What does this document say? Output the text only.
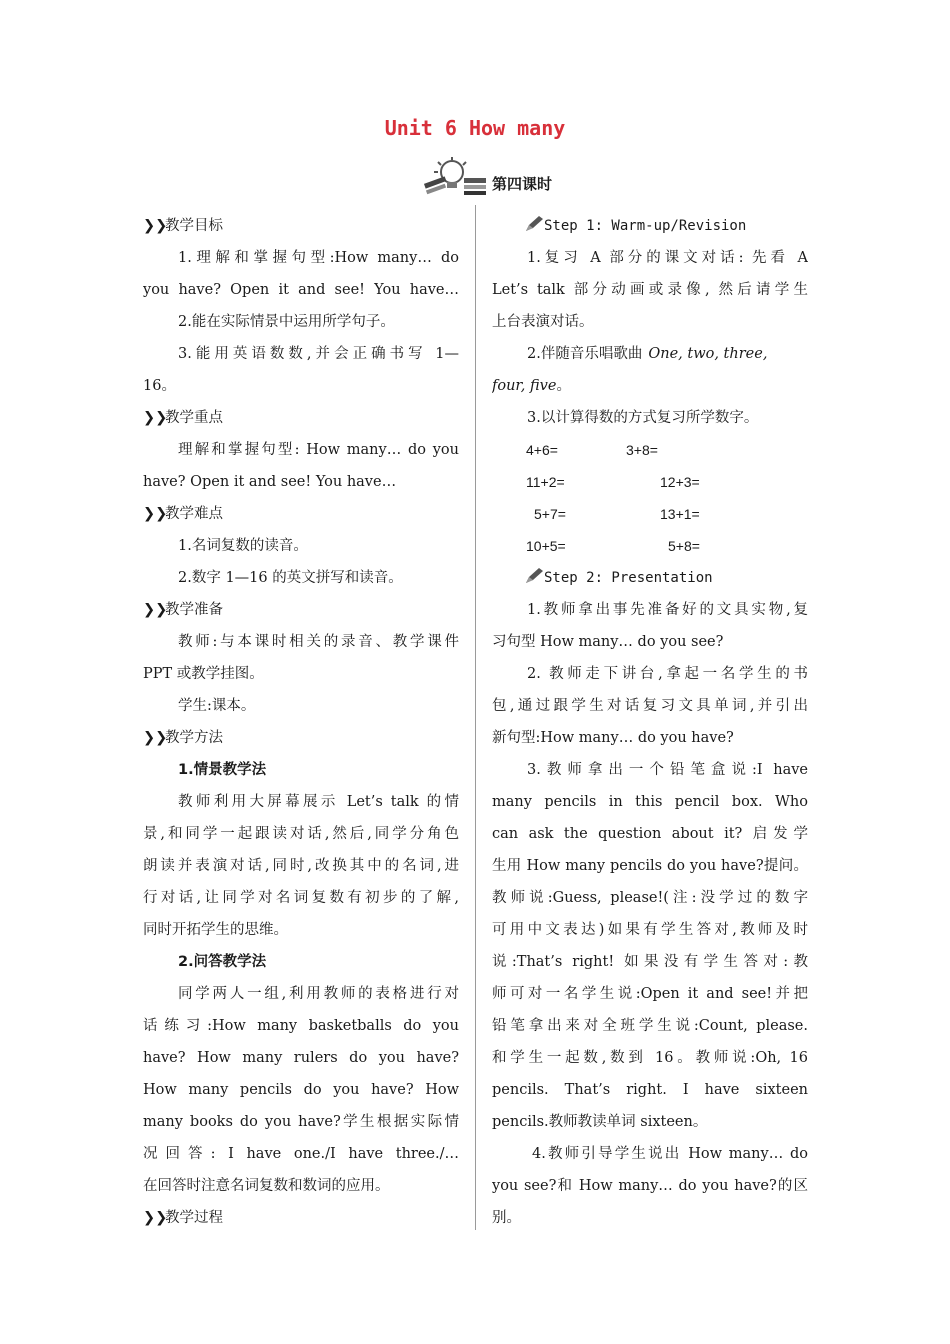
Unit 6 How many
第四课时
❯❯教学目标
1.理解和掌握句型:How many… do
you have? Open it and see! You have…
2.能在实际情景中运用所学句子。
3.能用英语数数,并会正确书写 1—
16。
❯❯教学重点
理解和掌握句型: How many… do you
have? Open it and see! You have…
❯❯教学难点
1.名词复数的读音。
2.数字 1—16 的英文拼写和读音。
❯❯教学准备
教师:与本课时相关的录音、教学课件
PPT 或教学挂图。
学生:课本。
❯❯教学方法
1.情景教学法
教师利用大屏幕展示 Let’s talk 的情
景,和同学一起跟读对话,然后,同学分角色
朗读并表演对话,同时,改换其中的名词,进
行对话,让同学对名词复数有初步的了解,
同时开拓学生的思维。
2.问答教学法
同学两人一组,利用教师的表格进行对
话练习:How many basketballs do you
have? How many rulers do you have?
How many pencils do you have? How
many books do you have?学生根据实际情
况回答: I have one./I have three./…
在回答时注意名词复数和数词的应用。
❯❯教学过程
Step 1: Warm-up/Revision
1.复习 A 部分的课文对话: 先看 A
Let’s talk 部分动画或录像, 然后请学生
上台表演对话。
2.伴随音乐唱歌曲 One, two, three,
four, five。
3.以计算得数的方式复习所学数字。
4+6=	3+8=
11+2=	12+3=
5+7=	13+1=
10+5=	5+8=
Step 2: Presentation
1.教师拿出事先准备好的文具实物,复
习句型 How many… do you see?
2. 教师走下讲台,拿起一名学生的书
包,通过跟学生对话复习文具单词,并引出
新句型:How many… do you have?
3.教师拿出一个铅笔盒说:I have
many pencils in this pencil box. Who
can ask the question about it? 启发学
生用 How many pencils do you have?提问。
教师说:Guess, please!(注:没学过的数字
可用中文表达)如果有学生答对,教师及时
说:That’s right! 如果没有学生答对:教
师可对一名学生说:Open it and see!并把
铅笔拿出来对全班学生说:Count, please.
和学生一起数,数到 16。教师说:Oh, 16
pencils. That’s right. I have sixteen
pencils.教师教读单词 sixteen。
4.教师引导学生说出 How many… do
you see?和 How many… do you have?的区
别。
